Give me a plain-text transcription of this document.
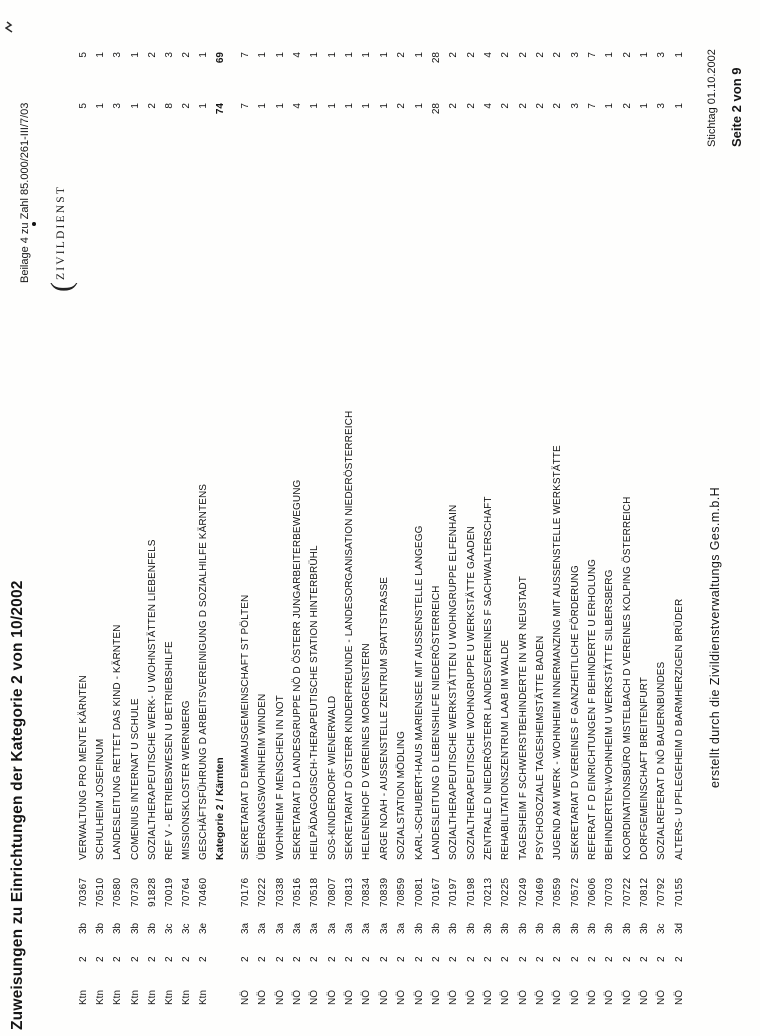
Zuweisungen zu Einrichtungen der Kategorie 2 von 10/2002
Beilage 4 zu Zahl 85.000/261-III/7/03
(ZIVILDIENST
Ktn
2
3b
70367
VERWALTUNG PRO MENTE KÄRNTEN
5
5
Ktn
2
3b
70510
SCHULHEIM JOSEFINUM
1
1
Ktn
2
3b
70580
LANDESLEITUNG RETTET DAS KIND - KÄRNTEN
3
3
Ktn
2
3b
70730
COMENIUS INTERNAT U SCHULE
1
1
Ktn
2
3b
91828
SOZIALTHERAPEUTISCHE WERK- U WOHNSTÄTTEN LIEBENFELS
2
2
Ktn
2
3c
70019
REF V - BETRIEBSWESEN U BETRIEBSHILFE
8
3
Ktn
2
3c
70764
MISSIONSKLOSTER WERNBERG
2
2
Ktn
2
3e
70460
GESCHÄFTSFÜHRUNG D ARBEITSVEREINIGUNG D SOZIALHILFE KÄRNTENS
1
1
Kategorie 2 / Kärnten
74
69
NÖ
2
3a
70176
SEKRETARIAT D EMMAUSGEMEINSCHAFT ST PÖLTEN
7
7
NÖ
2
3a
70222
ÜBERGANGSWOHNHEIM WINDEN
1
1
NÖ
2
3a
70338
WOHNHEIM F MENSCHEN IN NOT
1
1
NÖ
2
3a
70516
SEKRETARIAT D LANDESGRUPPE NÖ D ÖSTERR JUNGARBEITERBEWEGUNG
4
4
NÖ
2
3a
70518
HEILPÄDAGOGISCH-THERAPEUTISCHE STATION HINTERBRÜHL
1
1
NÖ
2
3a
70807
SOS-KINDERDORF WIENERWALD
1
1
NÖ
2
3a
70813
SEKRETARIAT D ÖSTERR KINDERFREUNDE - LANDESORGANISATION NIEDERÖSTERREICH
1
1
NÖ
2
3a
70834
HELENENHOF D VEREINES MORGENSTERN
1
1
NÖ
2
3a
70839
ARGE NOAH - AUSSENSTELLE ZENTRUM SPATTSTRASSE
1
1
NÖ
2
3a
70859
SOZIALSTATION MÖDLING
2
2
NÖ
2
3b
70081
KARL-SCHUBERT-HAUS MARIENSEE MIT AUSSENSTELLE LANGEGG
1
1
NÖ
2
3b
70167
LANDESLEITUNG D LEBENSHILFE NIEDERÖSTERREICH
28
28
NÖ
2
3b
70197
SOZIALTHERAPEUTISCHE WERKSTÄTTEN U WOHNGRUPPE ELFENHAIN
2
2
NÖ
2
3b
70198
SOZIALTHERAPEUTISCHE WOHNGRUPPE U WERKSTÄTTE GAADEN
2
2
NÖ
2
3b
70213
ZENTRALE D NIEDERÖSTERR LANDESVEREINES F SACHWALTERSCHAFT
4
4
NÖ
2
3b
70225
REHABILITATIONSZENTRUM LAAB IM WALDE
2
2
NÖ
2
3b
70249
TAGESHEIM F SCHWERSTBEHINDERTE IN WR NEUSTADT
2
2
NÖ
2
3b
70469
PSYCHOSOZIALE TAGESHEIMSTÄTTE BADEN
2
2
NÖ
2
3b
70559
JUGEND AM WERK - WOHNHEIM INNERMANZING MIT AUSSENSTELLE WERKSTÄTTE
2
2
NÖ
2
3b
70572
SEKRETARIAT D VEREINES F GANZHEITLICHE FÖRDERUNG
3
3
NÖ
2
3b
70606
REFERAT F D EINRICHTUNGEN F BEHINDERTE U ERHOLUNG
7
7
NÖ
2
3b
70703
BEHINDERTEN-WOHNHEIM U WERKSTÄTTE SILBERSBERG
1
1
NÖ
2
3b
70722
KOORDINATIONSBÜRO MISTELBACH D VEREINES KOLPING ÖSTERREICH
2
2
NÖ
2
3b
70812
DORFGEMEINSCHAFT BREITENFURT
1
1
NÖ
2
3c
70792
SOZIALREFERAT D NÖ BAUERNBUNDES
3
3
NÖ
2
3d
70155
ALTERS- U PFLEGEHEIM D BARMHERZIGEN BRÜDER
1
1
erstellt durch die Zivildienstverwaltungs Ges.m.b.H
Stichtag 01.10.2002 Seite 2 von 9
